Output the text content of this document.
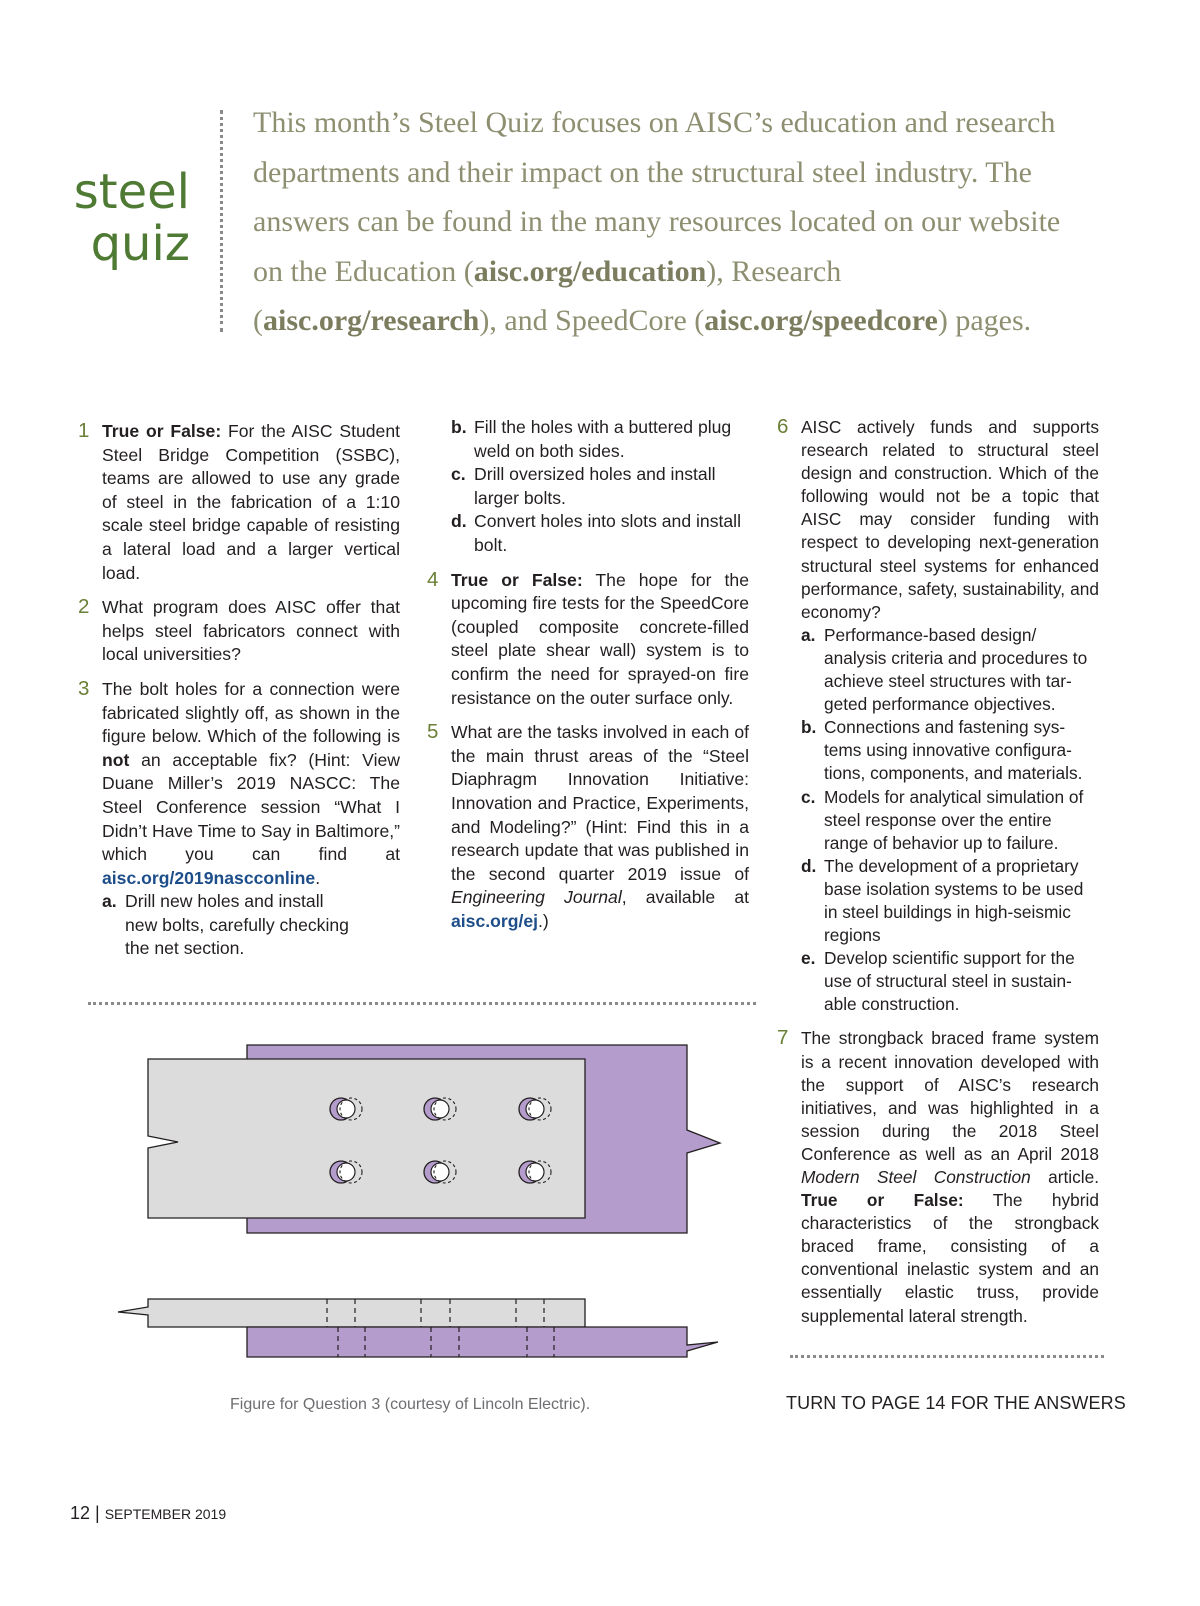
steel
quiz
This month’s Steel Quiz focuses on AISC’s education and research departments and their impact on the structural steel industry. The answers can be found in the many resources located on our website on the Education (aisc.org/education), Research (aisc.org/research), and SpeedCore (aisc.org/speedcore) pages.
1 True or False: For the AISC Student Steel Bridge Competition (SSBC), teams are allowed to use any grade of steel in the fabrication of a 1:10 scale steel bridge capable of resisting a lateral load and a larger vertical load.
2 What program does AISC offer that helps steel fabricators connect with local universities?
3 The bolt holes for a connection were fabricated slightly off, as shown in the figure below. Which of the following is not an acceptable fix? (Hint: View Duane Miller’s 2019 NASCC: The Steel Conference session “What I Didn’t Have Time to Say in Baltimore,” which you can find at aisc.org/2019nascconline.
a. Drill new holes and install new bolts, carefully checking the net section.
b. Fill the holes with a buttered plug weld on both sides.
c. Drill oversized holes and install larger bolts.
d. Convert holes into slots and install bolt.
4 True or False: The hope for the upcoming fire tests for the SpeedCore (coupled composite concrete-filled steel plate shear wall) system is to confirm the need for sprayed-on fire resistance on the outer surface only.
5 What are the tasks involved in each of the main thrust areas of the “Steel Diaphragm Innovation Initiative: Innovation and Practice, Experiments, and Modeling?” (Hint: Find this in a research update that was published in the second quarter 2019 issue of Engineering Journal, available at aisc.org/ej.)
6 AISC actively funds and supports research related to structural steel design and construction. Which of the following would not be a topic that AISC may consider funding with respect to developing next-generation structural steel systems for enhanced performance, safety, sustainability, and economy?
a. Performance-based design/ analysis criteria and procedures to achieve steel structures with tar-geted performance objectives.
b. Connections and fastening sys-tems using innovative configura-tions, components, and materials.
c. Models for analytical simulation of steel response over the entire range of behavior up to failure.
d. The development of a proprietary base isolation systems to be used in steel buildings in high-seismic regions
e. Develop scientific support for the use of structural steel in sustain-able construction.
7 The strongback braced frame system is a recent innovation developed with the support of AISC’s research initiatives, and was highlighted in a session during the 2018 Steel Conference as well as an April 2018 Modern Steel Construction article. True or False: The hybrid characteristics of the strongback braced frame, consisting of a conventional inelastic system and an essentially elastic truss, provide supplemental lateral strength.
Figure for Question 3 (courtesy of Lincoln Electric).	TURN TO PAGE 14 FOR THE ANSWERS
12 | SEPTEMBER 2019
